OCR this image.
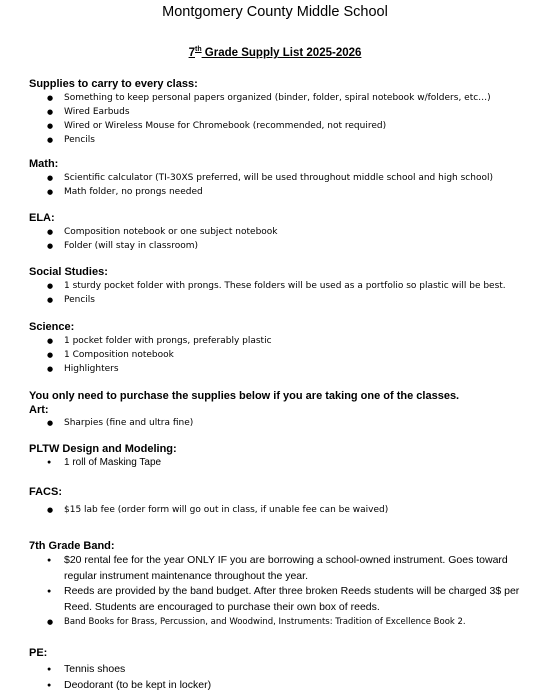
Montgomery County Middle School
7th Grade Supply List 2025-2026
Supplies to carry to every class:
● Something to keep personal papers organized (binder, folder, spiral notebook w/folders, etc…)
● Wired Earbuds
● Wired or Wireless Mouse for Chromebook (recommended, not required)
● Pencils
Math:
● Scientific calculator (TI-30XS preferred, will be used throughout middle school and high school)
● Math folder, no prongs needed
ELA:
● Composition notebook or one subject notebook
● Folder (will stay in classroom)
Social Studies:
● 1 sturdy pocket folder with prongs. These folders will be used as a portfolio so plastic will be best.
● Pencils
Science:
● 1 pocket folder with prongs, preferably plastic
● 1 Composition notebook
● Highlighters
You only need to purchase the supplies below if you are taking one of the classes.
Art:
● Sharpies (fine and ultra fine)
PLTW Design and Modeling:
● 1 roll of Masking Tape
FACS:
● $15 lab fee (order form will go out in class, if unable fee can be waived)
7th Grade Band:
● $20 rental fee for the year ONLY IF you are borrowing a school-owned instrument. Goes toward regular instrument maintenance throughout the year.
● Reeds are provided by the band budget. After three broken Reeds students will be charged 3$ per Reed. Students are encouraged to purchase their own box of reeds.
● Band Books for Brass, Percussion, and Woodwind, Instruments: Tradition of Excellence Book 2.
PE:
● Tennis shoes
● Deodorant (to be kept in locker)
